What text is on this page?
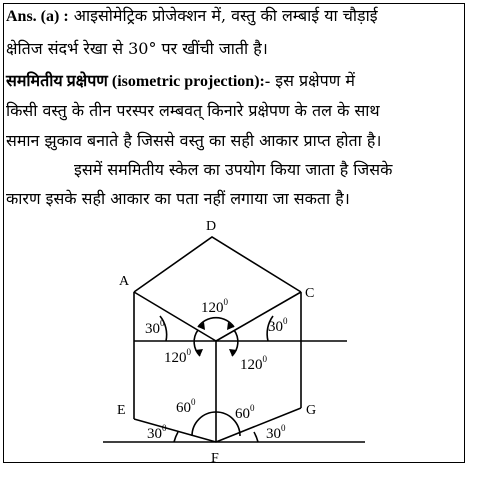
Ans. (a) : आइसोमेट्रिक प्रोजेक्शन में, वस्तु की लम्बाई या चौड़ाई
क्षेतिज संदर्भ रेखा से 30° पर खींची जाती है।
सममितीय प्रक्षेपण (isometric projection):- इस प्रक्षेपण में
किसी वस्तु के तीन परस्पर लम्बवत् किनारे प्रक्षेपण के तल के साथ
समान झुकाव बनाते है जिससे वस्तु का सही आकार प्राप्त होता है।
इसमें सममितीय स्केल का उपयोग किया जाता है जिसके
कारण इसके सही आकार का पता नहीं लगाया जा सकता है।
D
A
C
E	G
F
$120^0$
$30^0$	$30^0$
$120^0$
$120^0$
$60^0$
$60^0$
$30^0$	$30^0$
